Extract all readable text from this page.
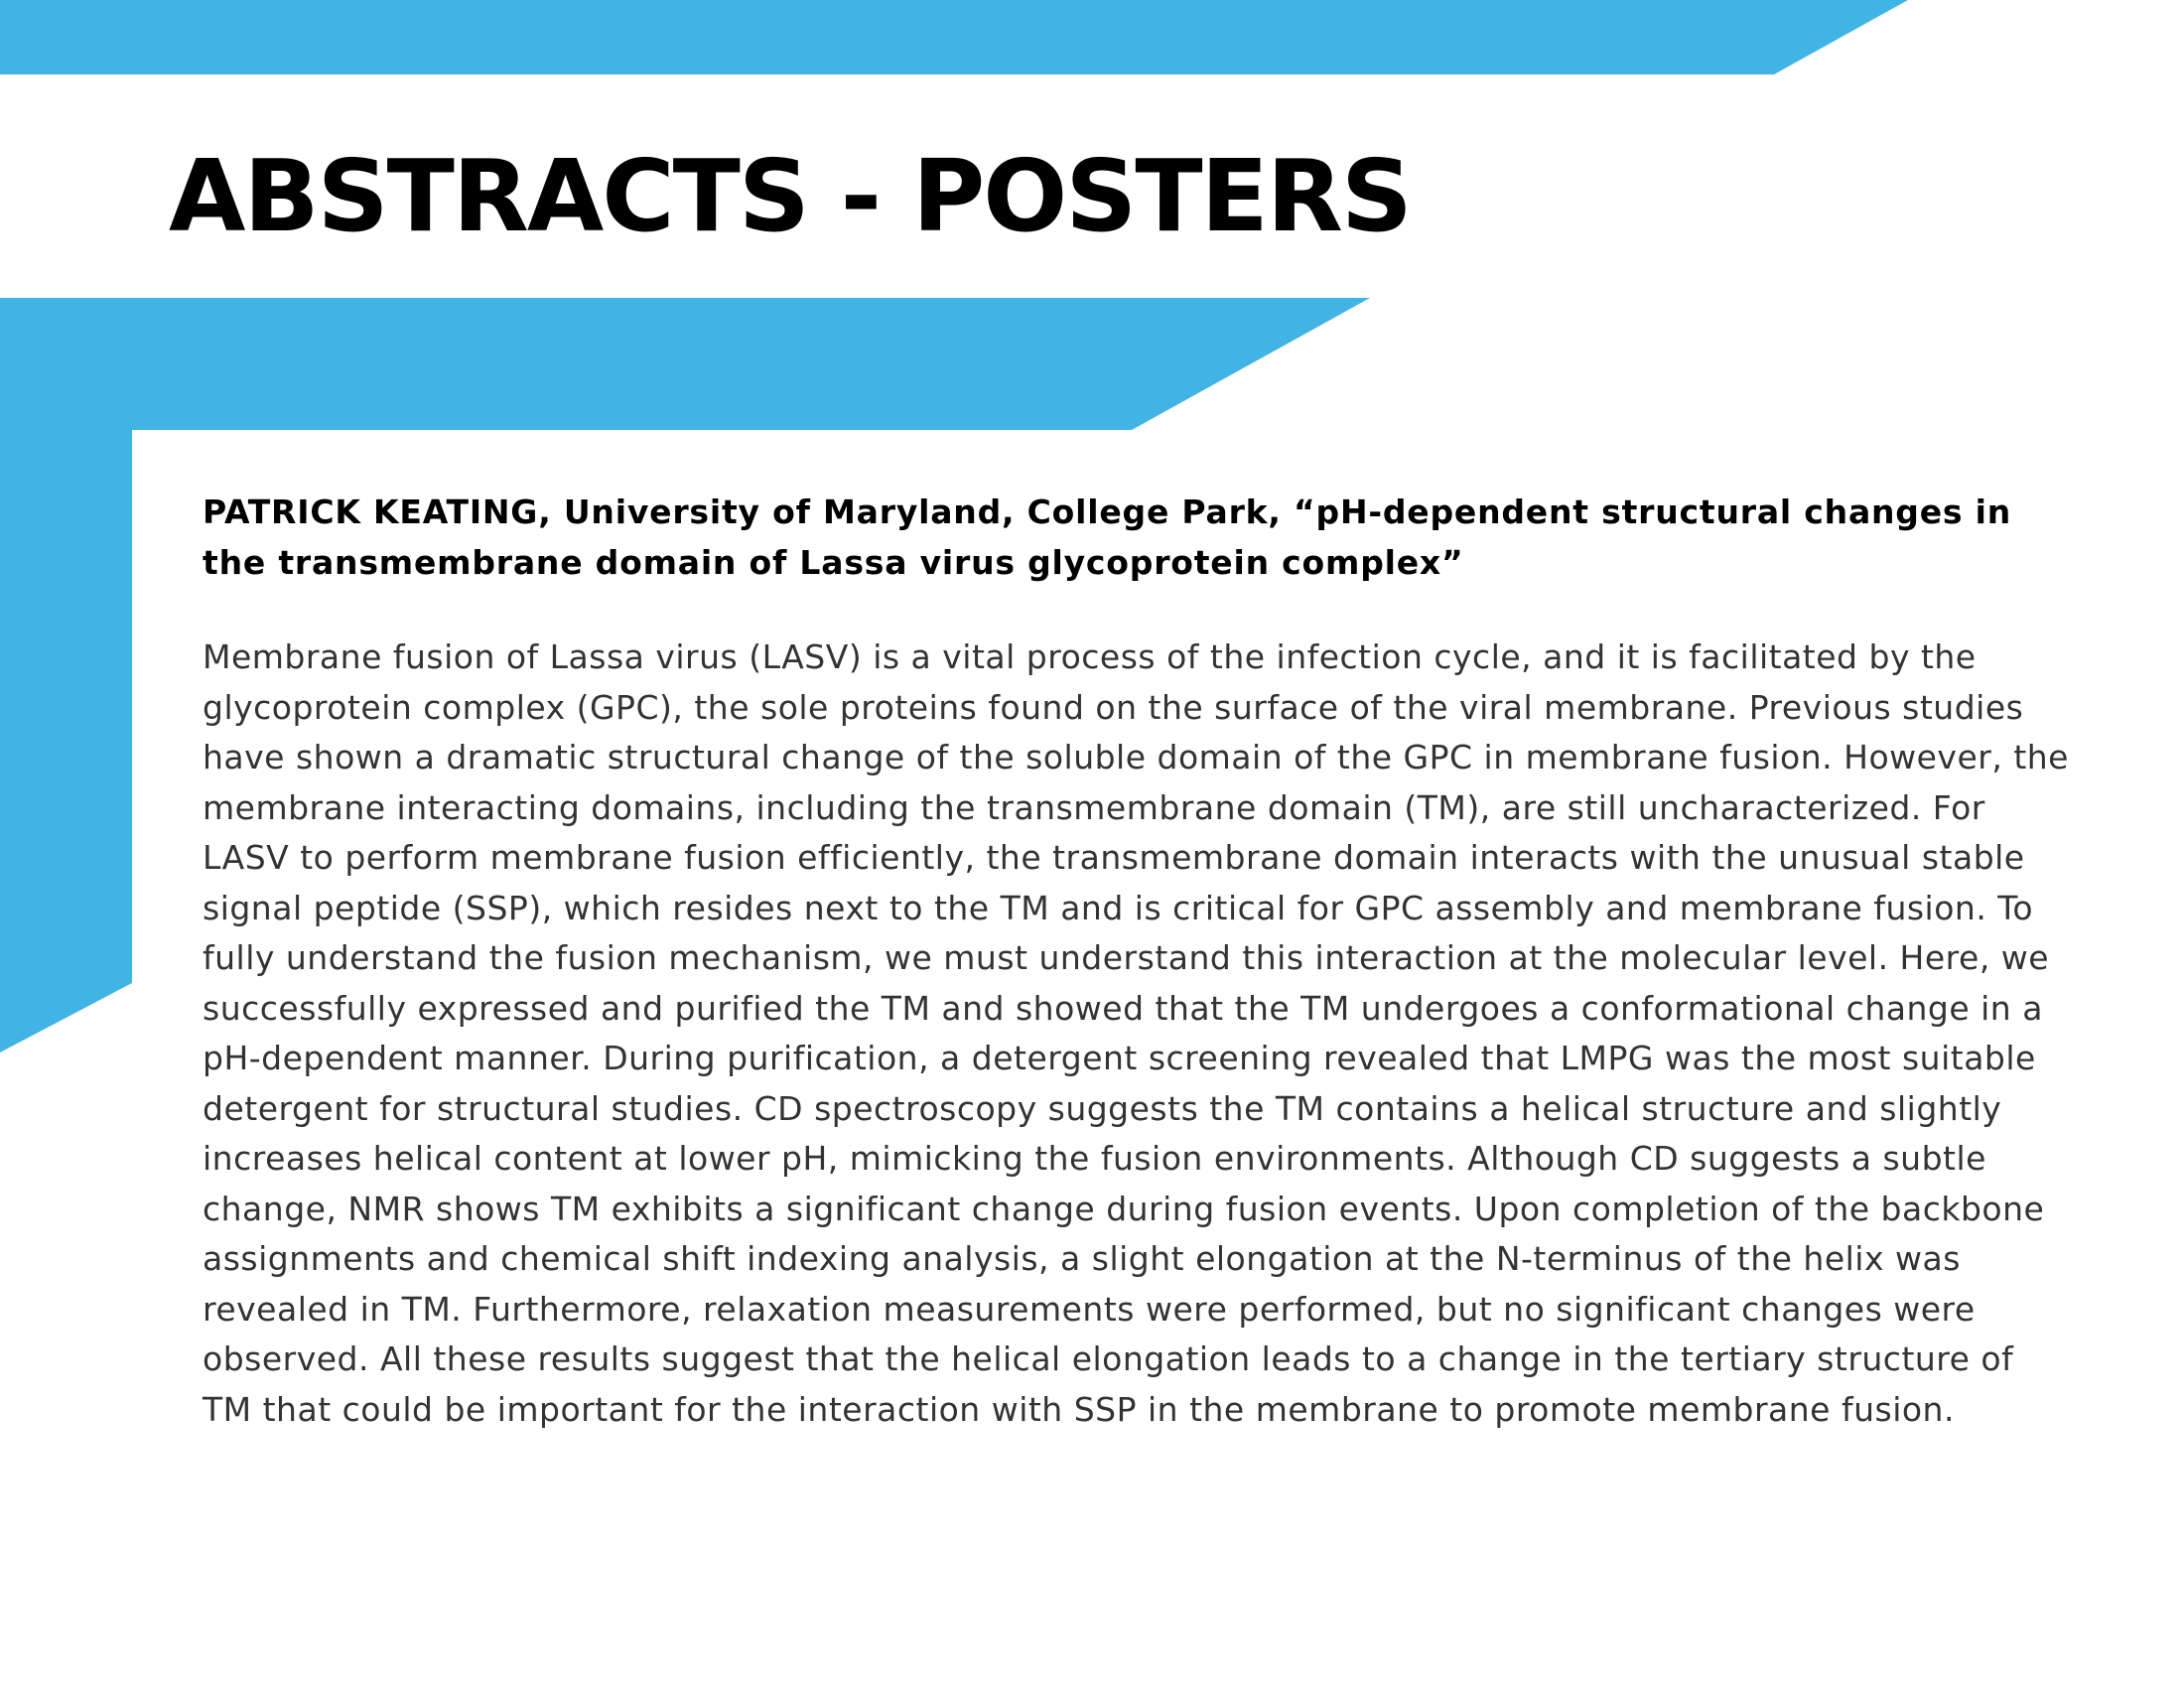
ABSTRACTS - POSTERS

PATRICK KEATING, University of Maryland, College Park, “pH-dependent structural changes in the transmembrane domain of Lassa virus glycoprotein complex”

Membrane fusion of Lassa virus (LASV) is a vital process of the infection cycle, and it is facilitated by the glycoprotein complex (GPC), the sole proteins found on the surface of the viral membrane. Previous studies have shown a dramatic structural change of the soluble domain of the GPC in membrane fusion. However, the membrane interacting domains, including the transmembrane domain (TM), are still uncharacterized. For LASV to perform membrane fusion efficiently, the transmembrane domain interacts with the unusual stable signal peptide (SSP), which resides next to the TM and is critical for GPC assembly and membrane fusion. To fully understand the fusion mechanism, we must understand this interaction at the molecular level. Here, we successfully expressed and purified the TM and showed that the TM undergoes a conformational change in a pH-dependent manner. During purification, a detergent screening revealed that LMPG was the most suitable detergent for structural studies. CD spectroscopy suggests the TM contains a helical structure and slightly increases helical content at lower pH, mimicking the fusion environments. Although CD suggests a subtle change, NMR shows TM exhibits a significant change during fusion events. Upon completion of the backbone assignments and chemical shift indexing analysis, a slight elongation at the N-terminus of the helix was revealed in TM. Furthermore, relaxation measurements were performed, but no significant changes were observed. All these results suggest that the helical elongation leads to a change in the tertiary structure of TM that could be important for the interaction with SSP in the membrane to promote membrane fusion.
